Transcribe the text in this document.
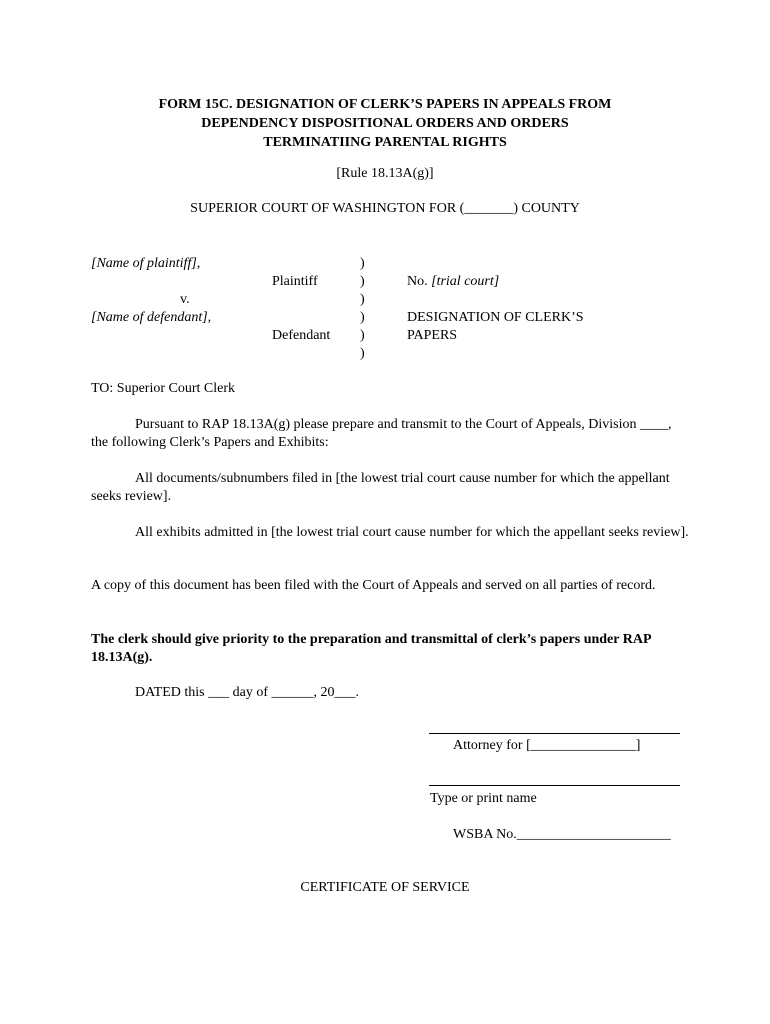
FORM 15C. DESIGNATION OF CLERK’S PAPERS IN APPEALS FROM
DEPENDENCY DISPOSITIONAL ORDERS AND ORDERS
TERMINATIING PARENTAL RIGHTS
[Rule 18.13A(g)]
SUPERIOR COURT OF WASHINGTON FOR (_______) COUNTY
[Name of plaintiff],
Plaintiff
v.
[Name of defendant],
Defendant
)
)
)
)
)
)
No. [trial court]
DESIGNATION OF CLERK’S
PAPERS
TO: Superior Court Clerk
Pursuant to RAP 18.13A(g) please prepare and transmit to the Court of Appeals, Division ____, the following Clerk’s Papers and Exhibits:
All documents/subnumbers filed in [the lowest trial court cause number for which the appellant seeks review].
All exhibits admitted in [the lowest trial court cause number for which the appellant seeks review].
A copy of this document has been filed with the Court of Appeals and served on all parties of record.
The clerk should give priority to the preparation and transmittal of clerk’s papers under RAP 18.13A(g).
DATED this ___ day of ______, 20___.
Attorney for [_______________]
Type or print name
WSBA No.______________________
CERTIFICATE OF SERVICE
